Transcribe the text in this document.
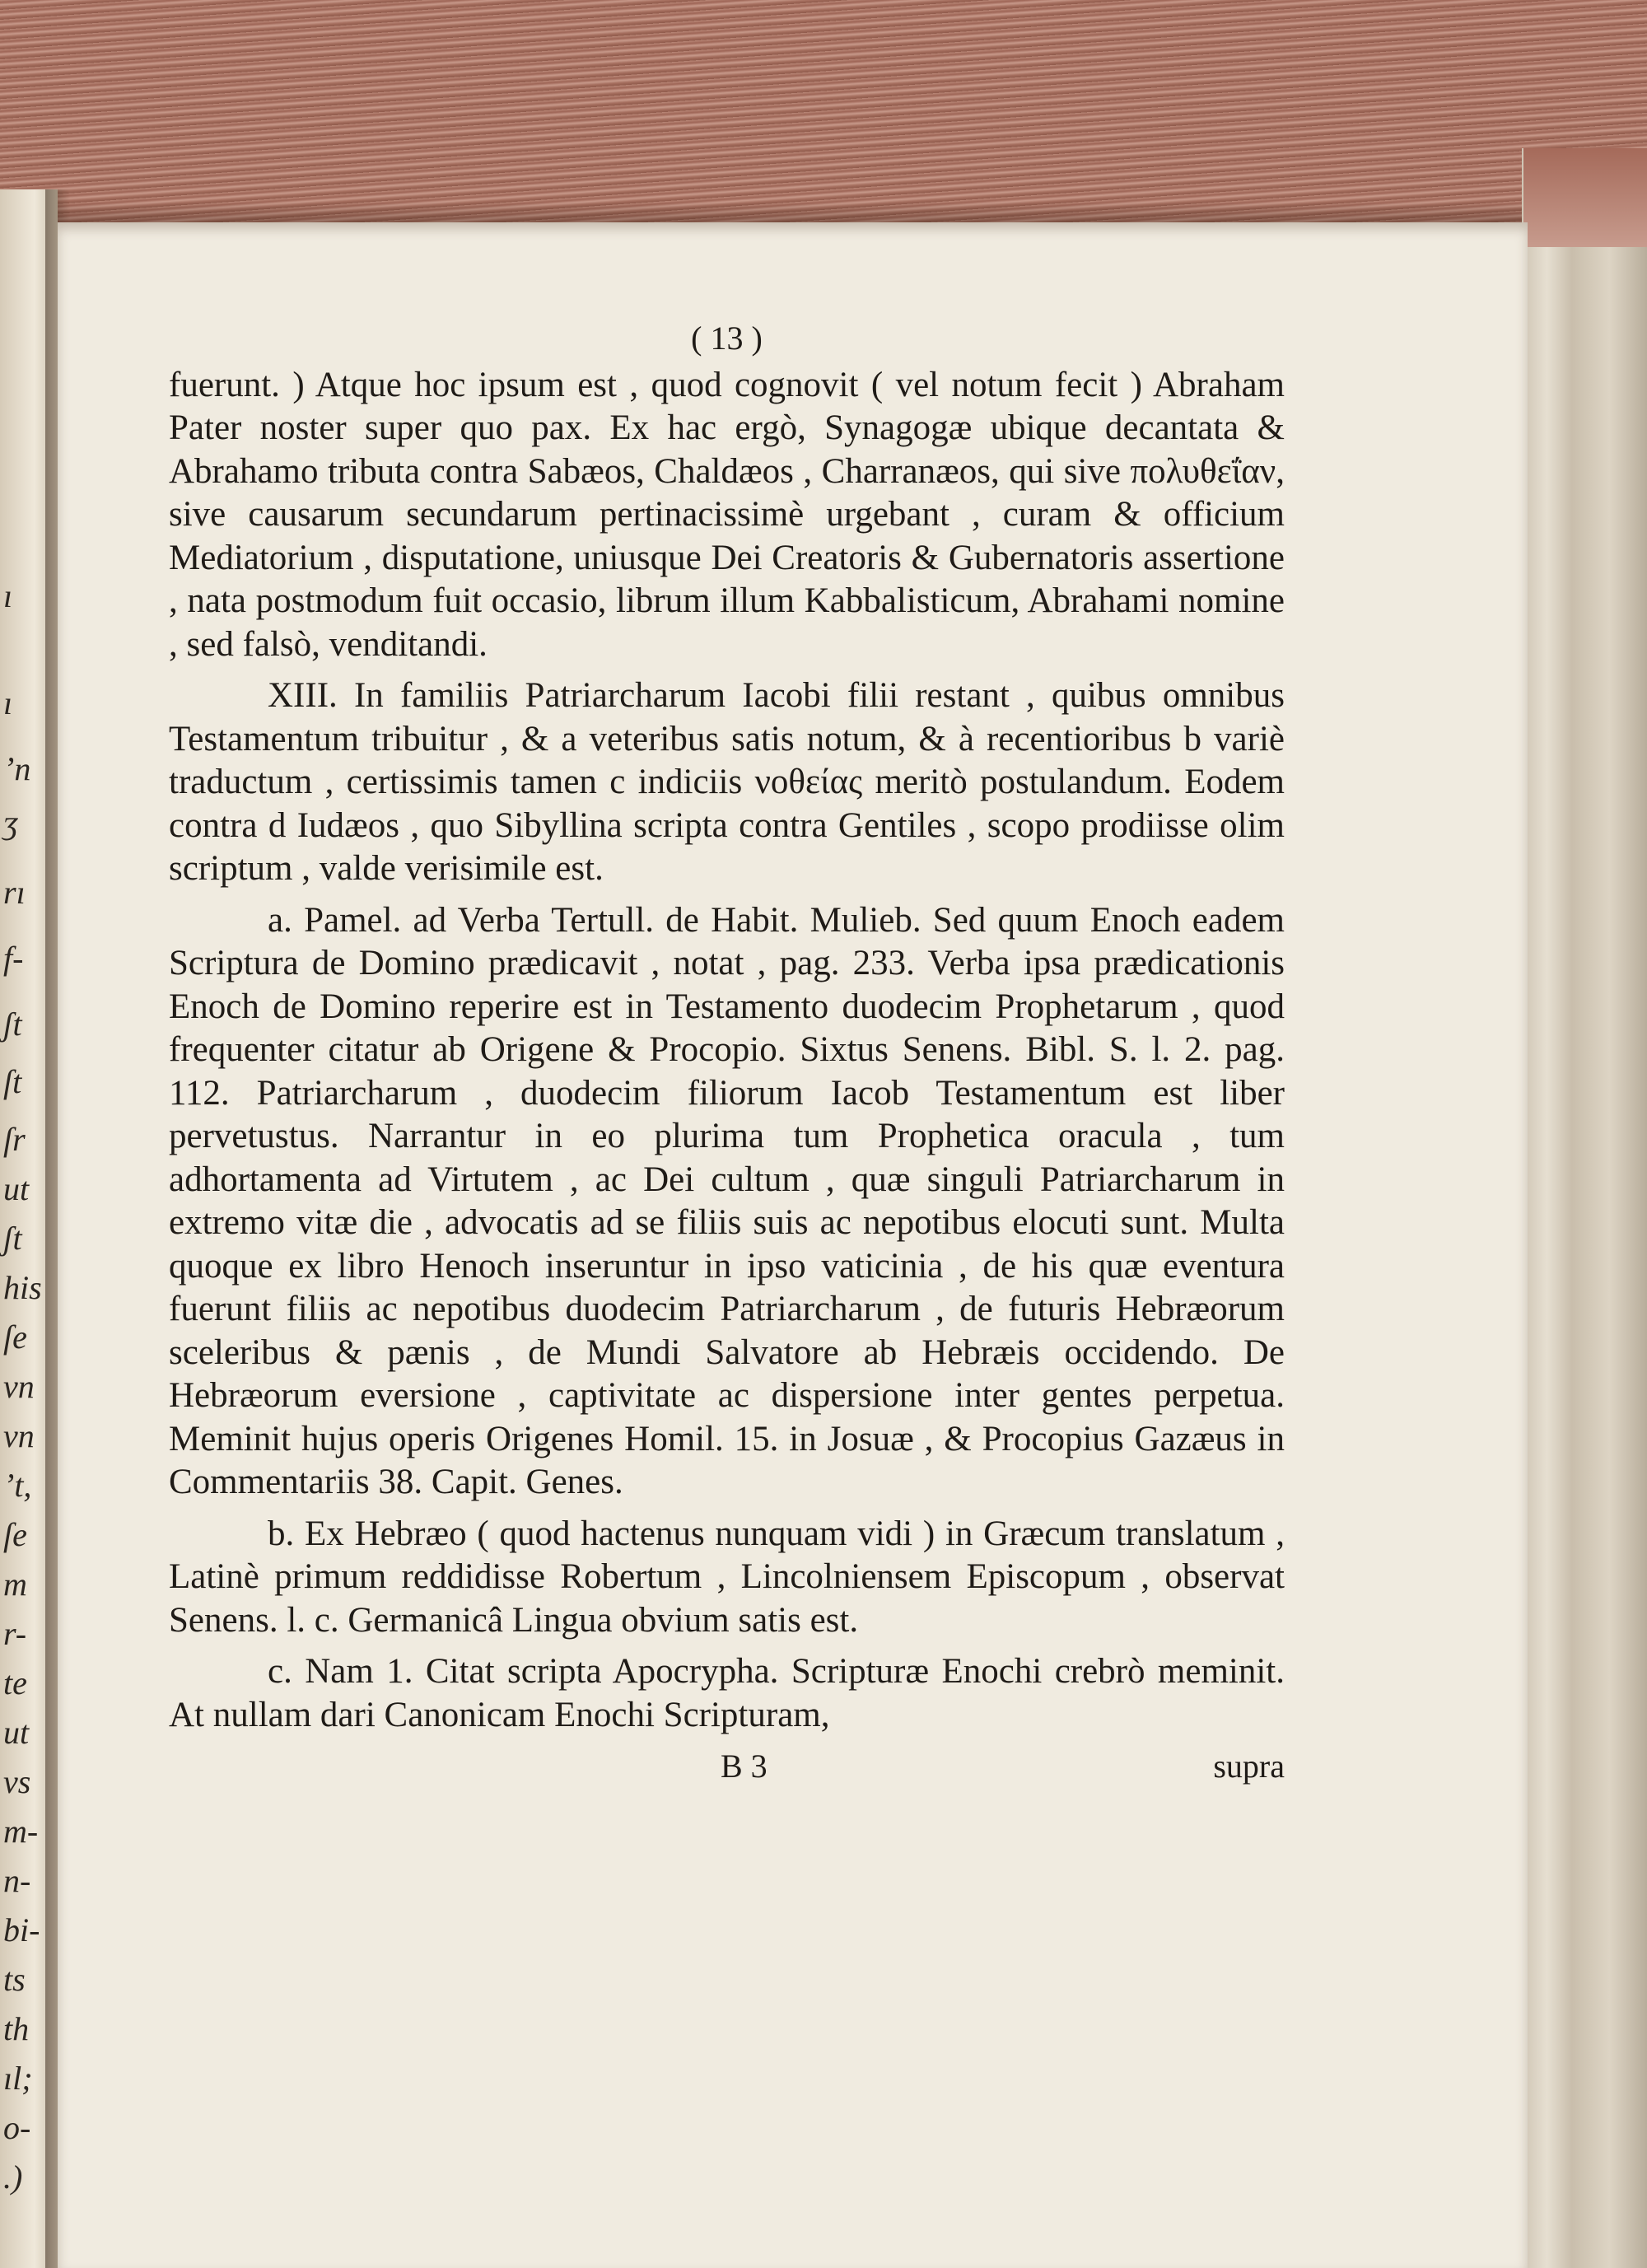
ı
ı
ʼn
ʒ
rı
f-
ʃt
ſt
ſr
ut
ʃt
his
ſe
vn
vn
ʼt,
ſe
m
r-
te
ut
vs
m-
n-
bi-
ts
th
ıl;
o-
.)
( 13 )

fuerunt. ) Atque hoc ipsum est , quod cognovit ( vel notum fecit ) Abraham Pater noster super quo pax. Ex hac ergò, Synagogæ ubique decantata & Abrahamo tributa contra Sabæos, Chaldæos , Charranæos, qui sive πολυθεΐαν, sive causarum secundarum pertinacissimè urgebant , curam & officium Mediatorium , disputatione, uniusque Dei Creatoris & Gubernatoris assertione , nata postmodum fuit occasio, librum illum Kabbalisticum, Abrahami nomine , sed falsò, venditandi.

XIII. In familiis Patriarcharum Iacobi filii restant , quibus omnibus Testamentum tribuitur , & a veteribus satis notum, & à recentioribus b variè traductum , certissimis tamen c indiciis νοθείας meritò postulandum. Eodem contra d Iudæos , quo Sibyllina scripta contra Gentiles , scopo prodiisse olim scriptum , valde verisimile est.

a. Pamel. ad Verba Tertull. de Habit. Mulieb. Sed quum Enoch eadem Scriptura de Domino prædicavit , notat , pag. 233. Verba ipsa prædicationis Enoch de Domino reperire est in Testamento duodecim Prophetarum , quod frequenter citatur ab Origene & Procopio. Sixtus Senens. Bibl. S. l. 2. pag. 112. Patriarcharum , duodecim filiorum Iacob Testamentum est liber pervetustus. Narrantur in eo plurima tum Prophetica oracula , tum adhortamenta ad Virtutem , ac Dei cultum , quæ singuli Patriarcharum in extremo vitæ die , advocatis ad se filiis suis ac nepotibus elocuti sunt. Multa quoque ex libro Henoch inseruntur in ipso vaticinia , de his quæ eventura fuerunt filiis ac nepotibus duodecim Patriarcharum , de futuris Hebræorum sceleribus & pænis , de Mundi Salvatore ab Hebræis occidendo. De Hebræorum eversione , captivitate ac dispersione inter gentes perpetua. Meminit hujus operis Origenes Homil. 15. in Josuæ , & Procopius Gazæus in Commentariis 38. Capit. Genes.

b. Ex Hebræo ( quod hactenus nunquam vidi ) in Græcum translatum , Latinè primum reddidisse Robertum , Lincolniensem Episcopum , observat Senens. l. c. Germanicâ Lingua obvium satis est.

c. Nam 1. Citat scripta Apocrypha. Scripturæ Enochi crebrò meminit. At nullam dari Canonicam Enochi Scripturam,

B 3	supra
